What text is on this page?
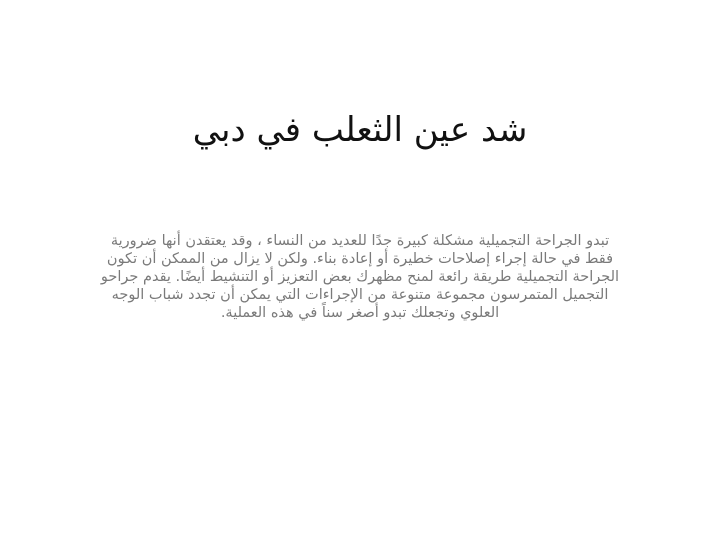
شد عين الثعلب في دبي
تبدو الجراحة التجميلية مشكلة كبيرة جدًا للعديد من النساء ، وقد يعتقدن أنها ضرورية فقط في حالة إجراء إصلاحات خطيرة أو إعادة بناء. ولكن لا يزال من الممكن أن تكون الجراحة التجميلية طريقة رائعة لمنح مظهرك بعض التعزيز أو التنشيط أيضًا. يقدم جراحو التجميل المتمرسون مجموعة متنوعة من الإجراءات التي يمكن أن تجدد شباب الوجه العلوي وتجعلك تبدو أصغر سناً في هذه العملية.
